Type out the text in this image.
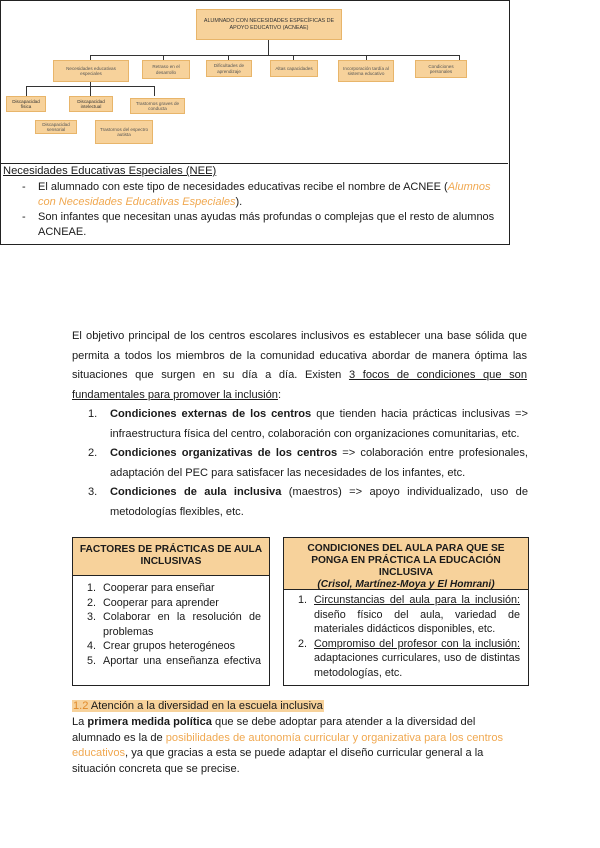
ALUMNADO CON NECESIDADES ESPECÍFICAS DE APOYO EDUCATIVO (ACNEAE)
Necesidades educativas especiales
Retraso en el desarrollo
Dificultades de aprendizaje
Altas capacidades	Incorporación tardía al sistema educativo
Condiciones personales
Discapacidad física
Discapacidad intelectual
Trastornos graves de conducta
Discapacidad sensorial	Trastornos del espectro autista
Necesidades Educativas Especiales (NEE)
- El alumnado con este tipo de necesidades educativas recibe el nombre de ACNEE (Alumnos con Necesidades Educativas Especiales).
- Son infantes que necesitan unas ayudas más profundas o complejas que el resto de alumnos ACNEAE.

El objetivo principal de los centros escolares inclusivos es establecer una base sólida que permita a todos los miembros de la comunidad educativa abordar de manera óptima las situaciones que surgen en su día a día. Existen 3 focos de condiciones que son fundamentales para promover la inclusión:

1. Condiciones externas de los centros que tienden hacia prácticas inclusivas => infraestructura física del centro, colaboración con organizaciones comunitarias, etc.
2. Condiciones organizativas de los centros => colaboración entre profesionales, adaptación del PEC para satisfacer las necesidades de los infantes, etc.
3. Condiciones de aula inclusiva (maestros) => apoyo individualizado, uso de metodologías flexibles, etc.
FACTORES DE PRÁCTICAS DE AULA INCLUSIVAS
1. Cooperar para enseñar
2. Cooperar para aprender
3. Colaborar en la resolución de problemas
4. Crear grupos heterogéneos
5. Aportar una enseñanza efectiva
CONDICIONES DEL AULA PARA QUE SE PONGA EN PRÁCTICA LA EDUCACIÓN INCLUSIVA
(Crisol, Martínez-Moya y El Homrani)
1. Circunstancias del aula para la inclusión: diseño físico del aula, variedad de materiales didácticos disponibles, etc.
2. Compromiso del profesor con la inclusión: adaptaciones curriculares, uso de distintas metodologías, etc.
1.2 Atención a la diversidad en la escuela inclusiva

La primera medida política que se debe adoptar para atender a la diversidad del alumnado es la de posibilidades de autonomía curricular y organizativa para los centros educativos, ya que gracias a esta se puede adaptar el diseño curricular general a la situación concreta que se precise.
